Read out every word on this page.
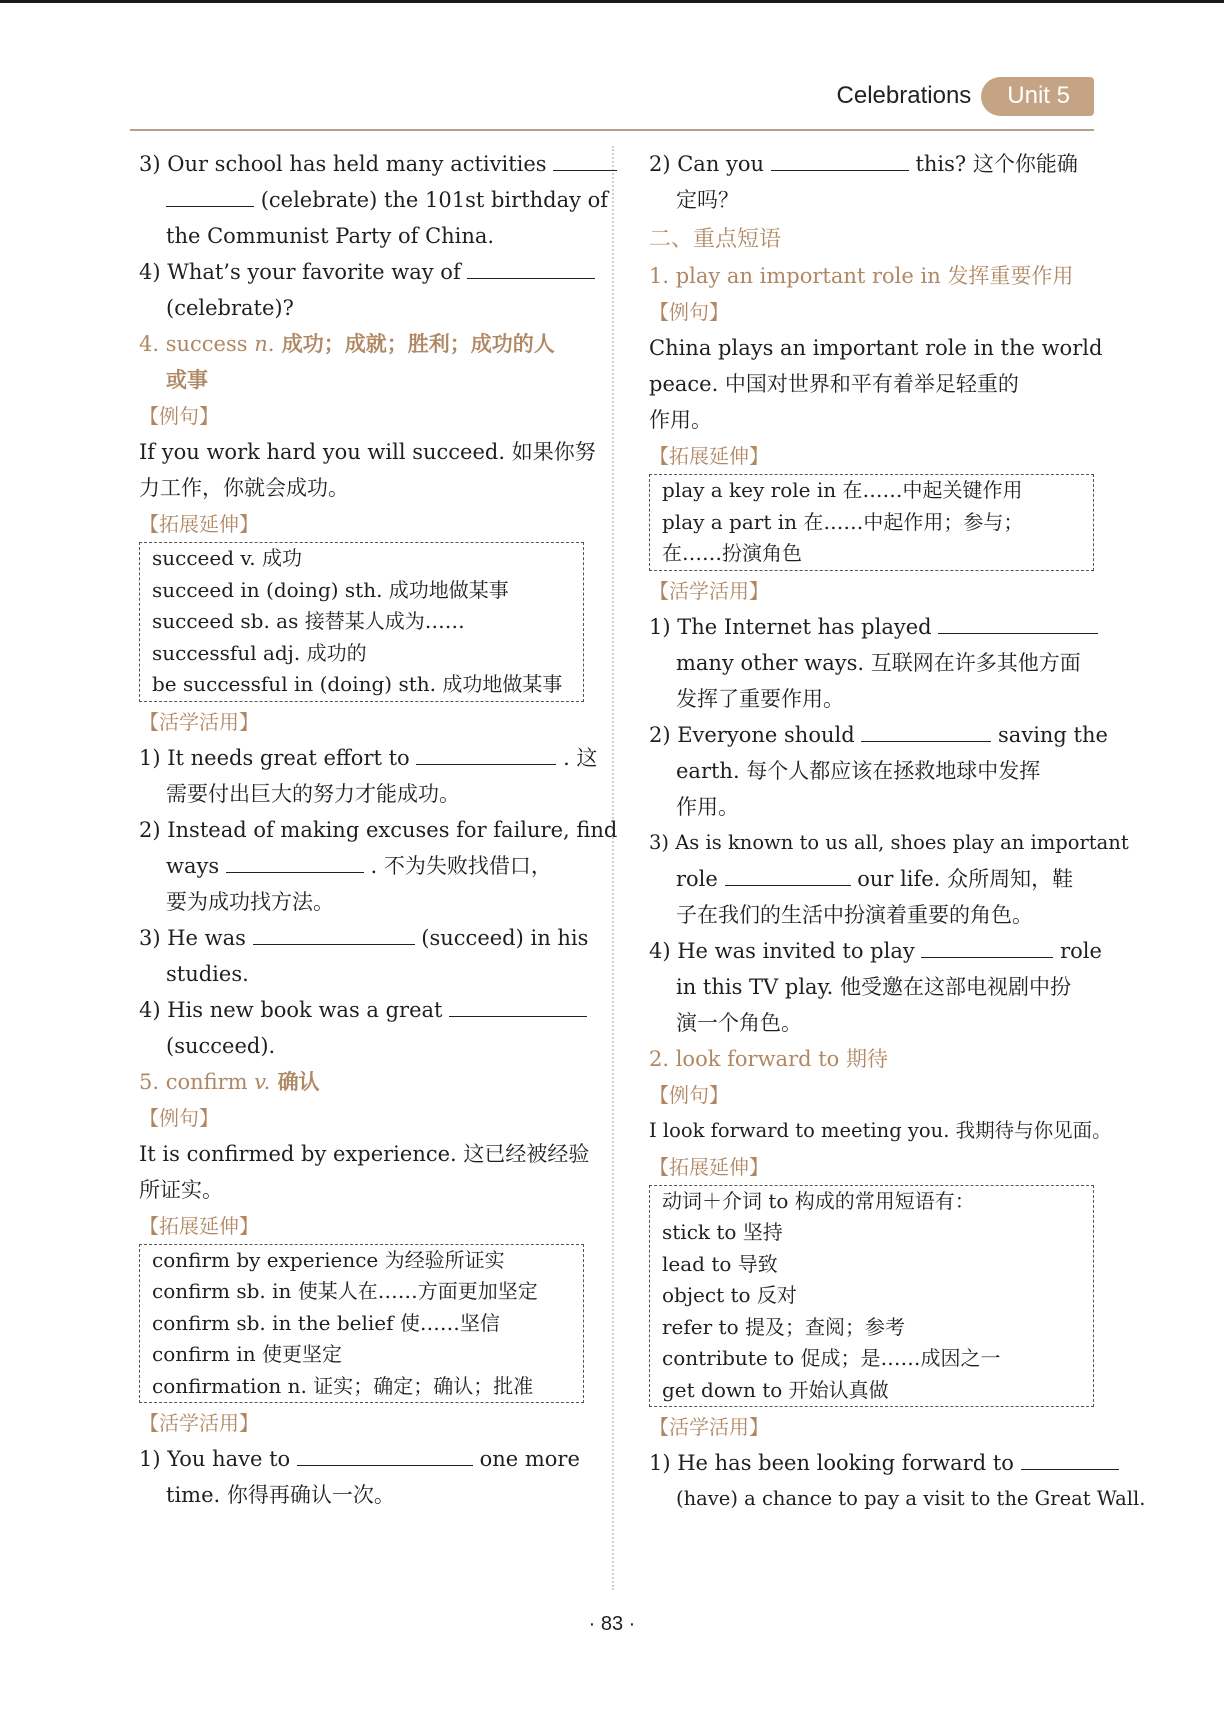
Celebrations	Unit 5
3) Our school has held many activities
(celebrate) the 101st birthday of
the Communist Party of China.
4) What’s your favorite way of
(celebrate)?
4. success n. 成功；成就；胜利；成功的人
或事
【例句】
If you work hard you will succeed. 如果你努
力工作，你就会成功。
【拓展延伸】
succeed v. 成功
succeed in (doing) sth. 成功地做某事
succeed sb. as 接替某人成为……
successful adj. 成功的
be successful in (doing) sth. 成功地做某事
【活学活用】
1) It needs great effort to	. 这
需要付出巨大的努力才能成功。
2) Instead of making excuses for failure, find
ways	. 不为失败找借口，
要为成功找方法。
3) He was	(succeed) in his
studies.
4) His new book was a great
(succeed).
5. confirm v. 确认
【例句】
It is confirmed by experience. 这已经被经验
所证实。
【拓展延伸】
confirm by experience 为经验所证实
confirm sb. in 使某人在……方面更加坚定
confirm sb. in the belief 使……坚信
confirm in 使更坚定
confirmation n. 证实；确定；确认；批准
【活学活用】
1) You have to	one more
time. 你得再确认一次。
2) Can you	this? 这个你能确
定吗？
二、重点短语
1. play an important role in 发挥重要作用
【例句】
China plays an important role in the world
peace. 中国对世界和平有着举足轻重的
作用。
【拓展延伸】
play a key role in 在……中起关键作用
play a part in 在……中起作用；参与；
在……扮演角色
【活学活用】
1) The Internet has played
many other ways. 互联网在许多其他方面
发挥了重要作用。
2) Everyone should	saving the
earth. 每个人都应该在拯救地球中发挥
作用。
3) As is known to us all, shoes play an important
role	our life. 众所周知，鞋
子在我们的生活中扮演着重要的角色。
4) He was invited to play	role
in this TV play. 他受邀在这部电视剧中扮
演一个角色。
2. look forward to 期待
【例句】
I look forward to meeting you. 我期待与你见面。
【拓展延伸】
动词＋介词 to 构成的常用短语有：
stick to 坚持
lead to 导致
object to 反对
refer to 提及；查阅；参考
contribute to 促成；是……成因之一
get down to 开始认真做
【活学活用】
1) He has been looking forward to
(have) a chance to pay a visit to the Great Wall.
· 83 ·
